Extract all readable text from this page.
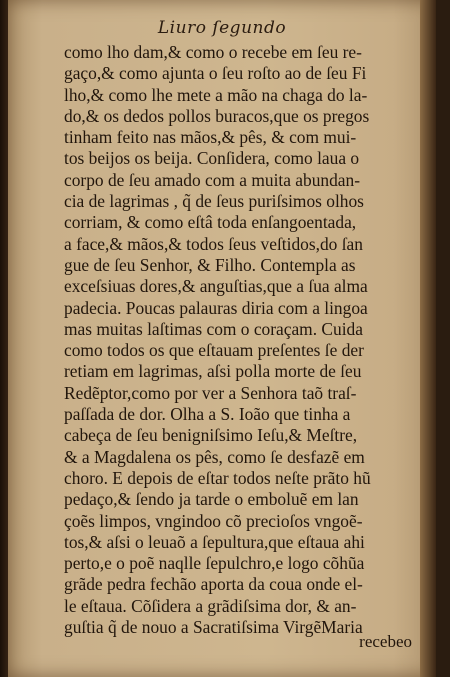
Liuro ſegundo
como lho dam,& como o recebe em ſeu re-
gaço,& como ajunta o ſeu roſto ao de ſeu Fi
lho,& como lhe mete a mão na chaga do la-
do,& os dedos pollos buracos,que os pregos
tinham feito nas mãos,& pês, & com mui-
tos beijos os beija. Conſidera, como laua o
corpo de ſeu amado com a muita abundan-
cia de lagrimas , q̃ de ſeus puriſsimos olhos
corriam, & como eſtâ toda enſangoentada,
a face,& mãos,& todos ſeus veſtidos,do ſan
gue de ſeu Senhor, & Filho. Contempla as
exceſsiuas dores,& anguſtias,que a ſua alma
padecia. Poucas palauras diria com a lingoa
mas muitas laſtimas com o coraçam. Cuida
como todos os que eſtauam preſentes ſe der
retiam em lagrimas, aſsi polla morte de ſeu
Redẽptor,como por ver a Senhora taõ traſ-
paſſada de dor. Olha a S. Ioão que tinha a
cabeça de ſeu benigniſsimo Ieſu,& Meſtre,
& a Magdalena os pês, como ſe desfazẽ em
choro. E depois de eſtar todos neſte prãto hũ
pedaço,& ſendo ja tarde o emboluẽ em lan
çoẽs limpos, vngindoo cõ precioſos vngoẽ-
tos,& aſsi o leuaõ a ſepultura,que eſtaua ahi
perto,e o poẽ naqlle ſepulchro,e logo cõhũa
grãde pedra fechão aporta da coua onde el-
le eſtaua. Cõſidera a grãdiſsima dor, & an-
guſtia q̃ de nouo a Sacratiſsima VirgẽMaria
recebeo
